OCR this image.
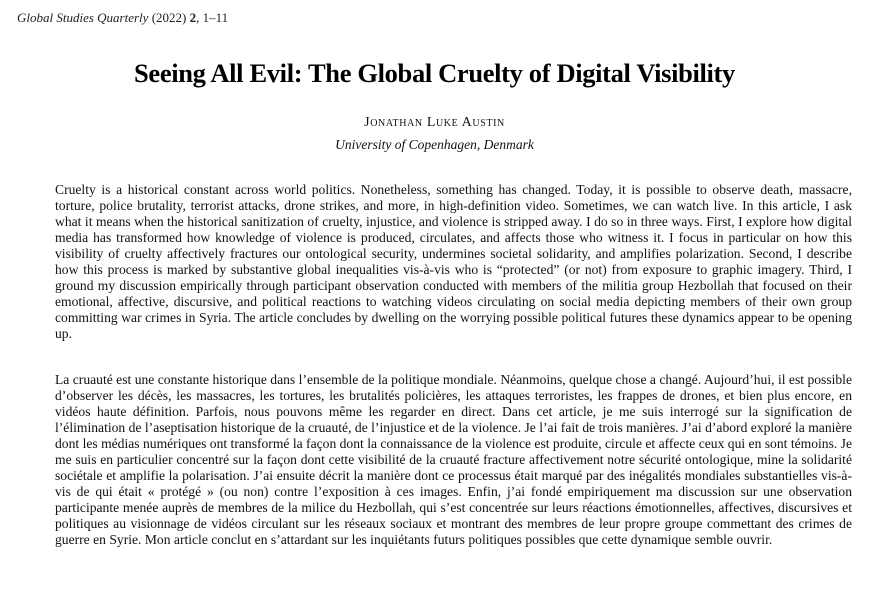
Global Studies Quarterly (2022) 2, 1–11
Seeing All Evil: The Global Cruelty of Digital Visibility
Jonathan Luke Austin
University of Copenhagen, Denmark

Cruelty is a historical constant across world politics. Nonetheless, something has changed. Today, it is possible to observe death, massacre, torture, police brutality, terrorist attacks, drone strikes, and more, in high-definition video. Sometimes, we can watch live. In this article, I ask what it means when the historical sanitization of cruelty, injustice, and violence is stripped away. I do so in three ways. First, I explore how digital media has transformed how knowledge of violence is produced, circulates, and affects those who witness it. I focus in particular on how this visibility of cruelty affectively fractures our ontological security, undermines societal solidarity, and amplifies polarization. Second, I describe how this process is marked by substantive global inequalities vis-à-vis who is “protected” (or not) from exposure to graphic imagery. Third, I ground my discussion empirically through participant observation conducted with members of the militia group Hezbollah that focused on their emotional, affective, discursive, and political reactions to watching videos circulating on social media depicting members of their own group committing war crimes in Syria. The article concludes by dwelling on the worrying possible political futures these dynamics appear to be opening up.

La cruauté est une constante historique dans l’ensemble de la politique mondiale. Néanmoins, quelque chose a changé. Aujourd’hui, il est possible d’observer les décès, les massacres, les tortures, les brutalités policières, les attaques terroristes, les frappes de drones, et bien plus encore, en vidéos haute définition. Parfois, nous pouvons même les regarder en direct. Dans cet article, je me suis interrogé sur la signification de l’élimination de l’aseptisation historique de la cruauté, de l’injustice et de la violence. Je l’ai fait de trois manières. J’ai d’abord exploré la manière dont les médias numériques ont transformé la façon dont la connaissance de la violence est produite, circule et affecte ceux qui en sont témoins. Je me suis en particulier concentré sur la façon dont cette visibilité de la cruauté fracture affectivement notre sécurité ontologique, mine la solidarité sociétale et amplifie la polarisation. J’ai ensuite décrit la manière dont ce processus était marqué par des inégalités mondiales substantielles vis-à-vis de qui était « protégé » (ou non) contre l’exposition à ces images. Enfin, j’ai fondé empiriquement ma discussion sur une observation participante menée auprès de membres de la milice du Hezbollah, qui s’est concentrée sur leurs réactions émotionnelles, affectives, discursives et politiques au visionnage de vidéos circulant sur les réseaux sociaux et montrant des membres de leur propre groupe commettant des crimes de guerre en Syrie. Mon article conclut en s’attardant sur les inquiétants futurs politiques possibles que cette dynamique semble ouvrir.
